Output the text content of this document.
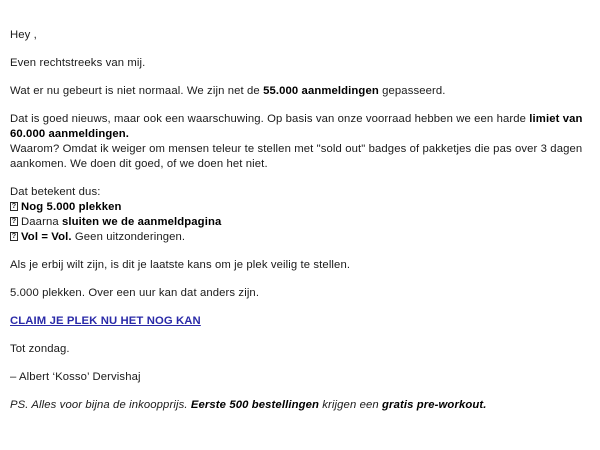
Hey ,

Even rechtstreeks van mij.

Wat er nu gebeurt is niet normaal. We zijn net de 55.000 aanmeldingen gepasseerd.

Dat is goed nieuws, maar ook een waarschuwing. Op basis van onze voorraad hebben we een harde limiet van 60.000 aanmeldingen.

Waarom? Omdat ik weiger om mensen teleur te stellen met "sold out" badges of pakketjes die pas over 3 dagen aankomen. We doen dit goed, of we doen het niet.

Dat betekent dus:

?Nog 5.000 plekken

?Daarna sluiten we de aanmeldpagina

?Vol = Vol. Geen uitzonderingen.

Als je erbij wilt zijn, is dit je laatste kans om je plek veilig te stellen.

5.000 plekken. Over een uur kan dat anders zijn.

CLAIM JE PLEK NU HET NOG KAN

Tot zondag.

– Albert ‘Kosso’ Dervishaj

PS. Alles voor bijna de inkoopprijs. Eerste 500 bestellingen krijgen een gratis pre-workout.
